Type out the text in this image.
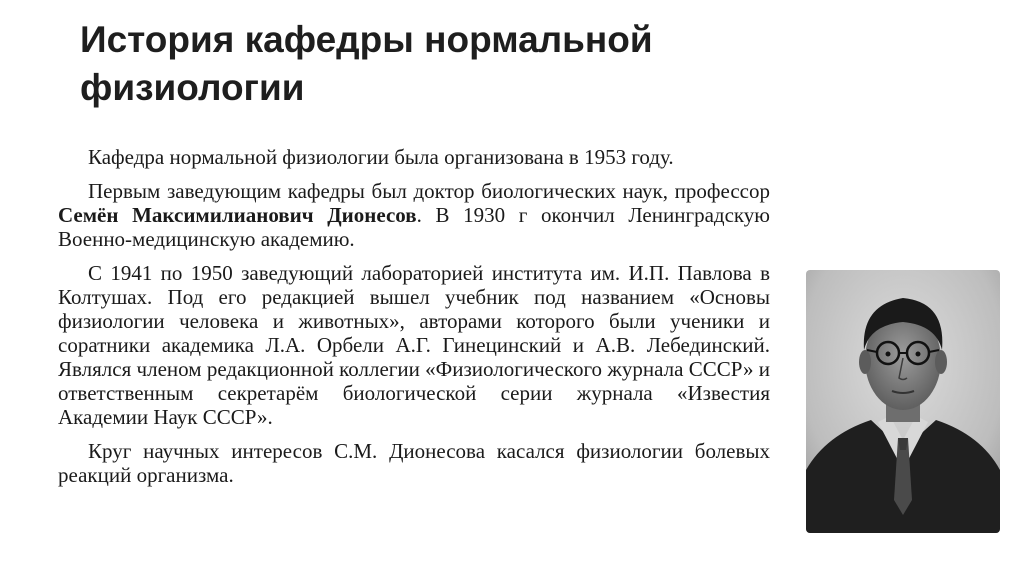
История кафедры нормальной физиологии

Кафедра нормальной физиологии была организована в 1953 году.

Первым заведующим кафедры был доктор биологических наук, профессор Семён Максимилианович Дионесов. В 1930 г окончил Ленинградскую Военно-медицинскую академию.

С 1941 по 1950 заведующий лабораторией института им. И.П. Павлова в Колтушах. Под его редакцией вышел учебник под названием «Основы физиологии человека и животных», авторами которого были ученики и соратники академика Л.А. Орбели А.Г. Гинецинский и А.В. Лебединский. Являлся членом редакционной коллегии «Физиологического журнала СССР» и ответственным секретарём биологической серии журнала «Известия Академии Наук СССР».

Круг научных интересов С.М. Дионесова касался физиологии болевых реакций организма.
